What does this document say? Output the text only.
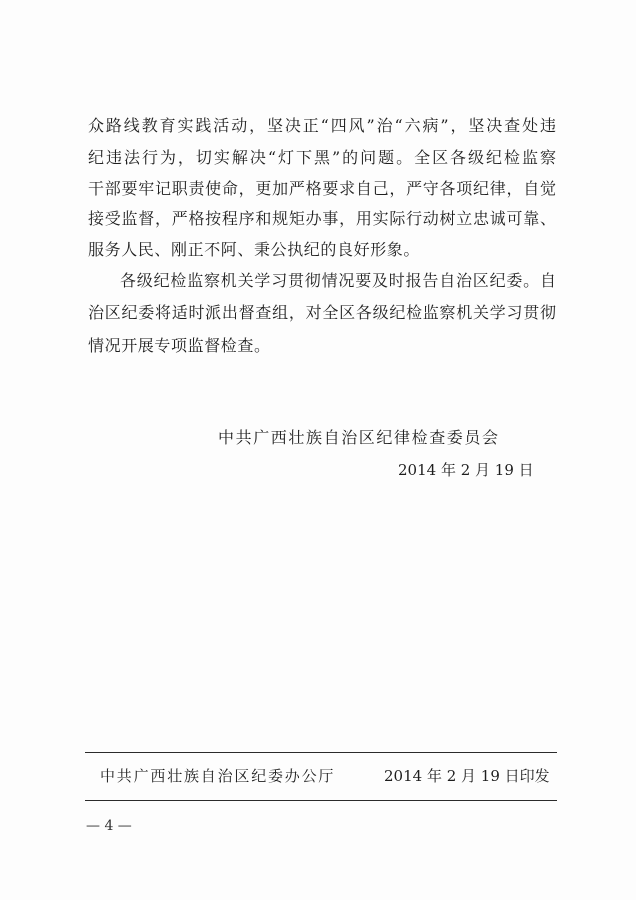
众路线教育实践活动，坚决正“四风”治“六病”，坚决查处违
纪违法行为，切实解决“灯下黑”的问题。全区各级纪检监察
干部要牢记职责使命，更加严格要求自己，严守各项纪律，自觉
接受监督，严格按程序和规矩办事，用实际行动树立忠诚可靠、
服务人民、刚正不阿、秉公执纪的良好形象。
各级纪检监察机关学习贯彻情况要及时报告自治区纪委。自
治区纪委将适时派出督查组，对全区各级纪检监察机关学习贯彻
情况开展专项监督检查。
中共广西壮族自治区纪律检查委员会
2014 年 2 月 19 日
中共广西壮族自治区纪委办公厅	2014 年 2 月 19 日印发
— 4 —
